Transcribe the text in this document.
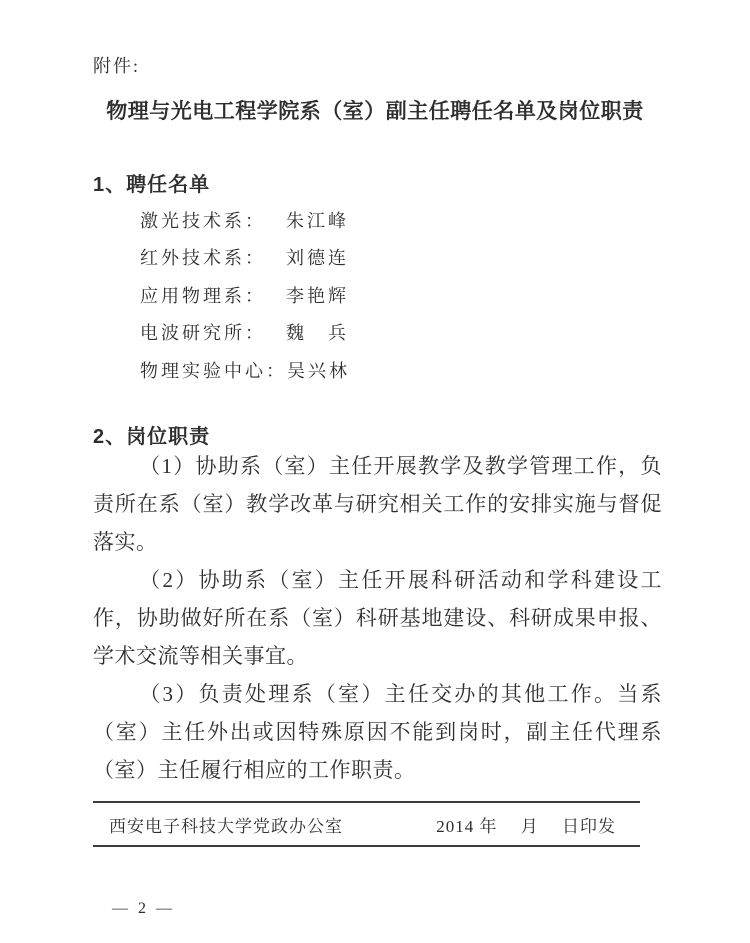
附件:
物理与光电工程学院系（室）副主任聘任名单及岗位职责
1、聘任名单
激光技术系：	朱江峰
红外技术系：	刘德连
应用物理系：	李艳辉
电波研究所：	魏　兵
物理实验中心： 吴兴林
2、岗位职责

（1）协助系（室）主任开展教学及教学管理工作，负责所在系（室）教学改革与研究相关工作的安排实施与督促落实。

（2）协助系（室）主任开展科研活动和学科建设工作，协助做好所在系（室）科研基地建设、科研成果申报、学术交流等相关事宜。

（3）负责处理系（室）主任交办的其他工作。当系（室）主任外出或因特殊原因不能到岗时，副主任代理系（室）主任履行相应的工作职责。

西安电子科技大学党政办公室	2014 年　 月　 日印发
— 2 —
